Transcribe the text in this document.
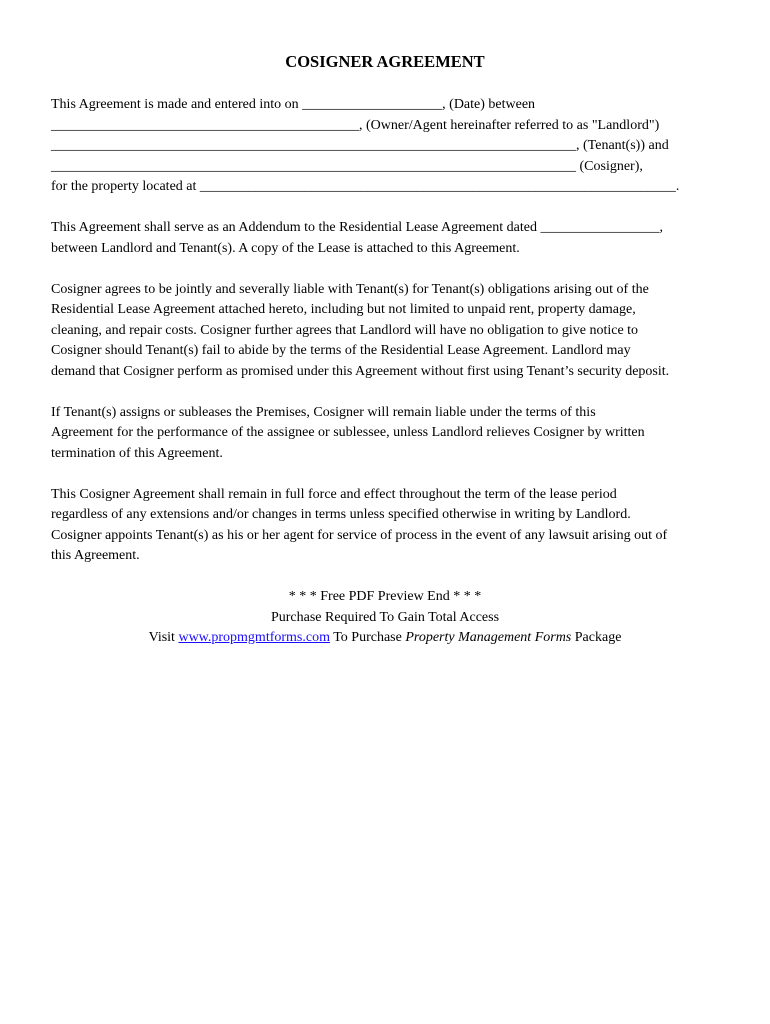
COSIGNER AGREEMENT
This Agreement is made and entered into on ____________________, (Date) between
____________________________________________, (Owner/Agent hereinafter referred to as "Landlord")
___________________________________________________________________________, (Tenant(s)) and
___________________________________________________________________________ (Cosigner),
for the property located at ____________________________________________________________________.
This Agreement shall serve as an Addendum to the Residential Lease Agreement dated _________________,
between Landlord and Tenant(s). A copy of the Lease is attached to this Agreement.
Cosigner agrees to be jointly and severally liable with Tenant(s) for Tenant(s) obligations arising out of the
Residential Lease Agreement attached hereto, including but not limited to unpaid rent, property damage,
cleaning, and repair costs. Cosigner further agrees that Landlord will have no obligation to give notice to
Cosigner should Tenant(s) fail to abide by the terms of the Residential Lease Agreement. Landlord may
demand that Cosigner perform as promised under this Agreement without first using Tenant’s security deposit.
If Tenant(s) assigns or subleases the Premises, Cosigner will remain liable under the terms of this
Agreement for the performance of the assignee or sublessee, unless Landlord relieves Cosigner by written
termination of this Agreement.
This Cosigner Agreement shall remain in full force and effect throughout the term of the lease period
regardless of any extensions and/or changes in terms unless specified otherwise in writing by Landlord.
Cosigner appoints Tenant(s) as his or her agent for service of process in the event of any lawsuit arising out of
this Agreement.
* * * Free PDF Preview End * * *
Purchase Required To Gain Total Access
Visit www.propmgmtforms.com To Purchase Property Management Forms Package
